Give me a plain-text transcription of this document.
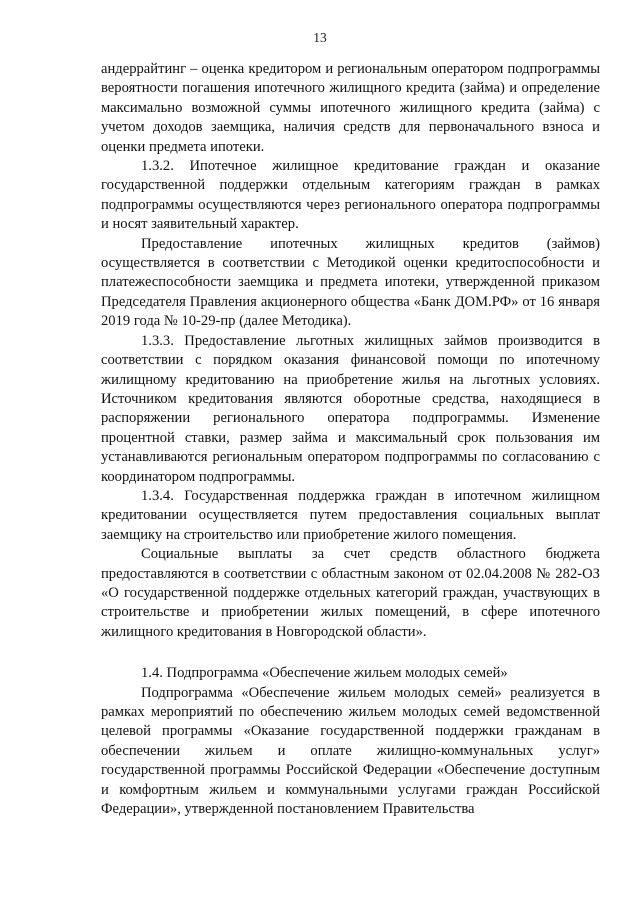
13

андеррайтинг – оценка кредитором и региональным оператором подпрограммы вероятности погашения ипотечного жилищного кредита (займа) и определение максимально возможной суммы ипотечного жилищного кредита (займа) с учетом доходов заемщика, наличия средств для первоначального взноса и оценки предмета ипотеки.

1.3.2. Ипотечное жилищное кредитование граждан и оказание государственной поддержки отдельным категориям граждан в рамках подпрограммы осуществляются через регионального оператора подпрограммы и носят заявительный характер.

Предоставление ипотечных жилищных кредитов (займов) осуществляется в соответствии с Методикой оценки кредитоспособности и платежеспособности заемщика и предмета ипотеки, утвержденной приказом Председателя Правления акционерного общества «Банк ДОМ.РФ» от 16 января 2019 года № 10-29-пр (далее Методика).

1.3.3. Предоставление льготных жилищных займов производится в соответствии с порядком оказания финансовой помощи по ипотечному жилищному кредитованию на приобретение жилья на льготных условиях. Источником кредитования являются оборотные средства, находящиеся в распоряжении регионального оператора подпрограммы. Изменение процентной ставки, размер займа и максимальный срок пользования им устанавливаются региональным оператором подпрограммы по согласованию с координатором подпрограммы.

1.3.4. Государственная поддержка граждан в ипотечном жилищном кредитовании осуществляется путем предоставления социальных выплат заемщику на строительство или приобретение жилого помещения.

Социальные выплаты за счет средств областного бюджета предоставляются в соответствии с областным законом от 02.04.2008 № 282-ОЗ «О государственной поддержке отдельных категорий граждан, участвующих в строительстве и приобретении жилых помещений, в сфере ипотечного жилищного кредитования в Новгородской области».

1.4. Подпрограмма «Обеспечение жильем молодых семей»

Подпрограмма «Обеспечение жильем молодых семей» реализуется в рамках мероприятий по обеспечению жильем молодых семей ведомственной целевой программы «Оказание государственной поддержки гражданам в обеспечении жильем и оплате жилищно-коммунальных услуг» государственной программы Российской Федерации «Обеспечение доступным и комфортным жильем и коммунальными услугами граждан Российской Федерации», утвержденной постановлением Правительства
